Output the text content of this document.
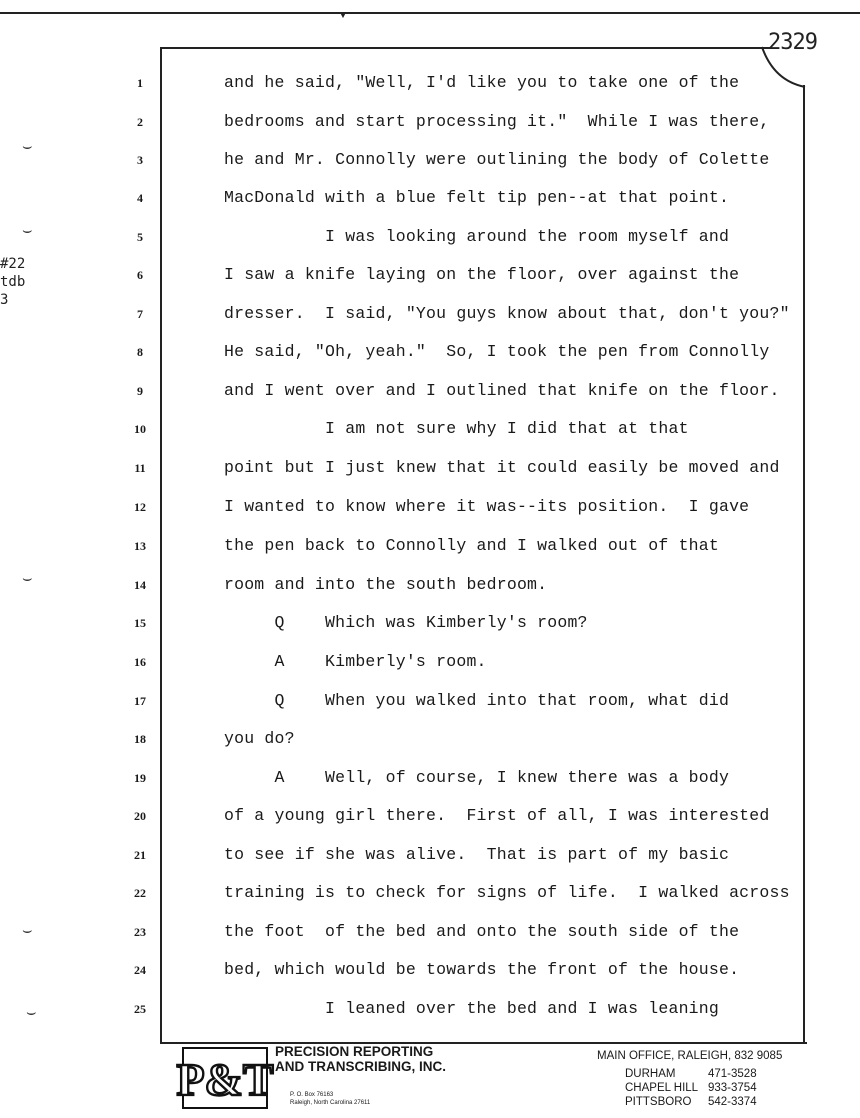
▼
2329
#22
tdb
3
⌣
⌣
⌣
⌣
⌣
1
2
3
4
5
6
7
8
9
10
11
12
13
14
15
16
17
18
19
20
21
22
23
24
25
and he said, "Well, I'd like you to take one of the
bedrooms and start processing it."  While I was there,
he and Mr. Connolly were outlining the body of Colette
MacDonald with a blue felt tip pen--at that point.
I was looking around the room myself and
I saw a knife laying on the floor, over against the
dresser.  I said, "You guys know about that, don't you?"
He said, "Oh, yeah."  So, I took the pen from Connolly
and I went over and I outlined that knife on the floor.
I am not sure why I did that at that
point but I just knew that it could easily be moved and
I wanted to know where it was--its position.  I gave
the pen back to Connolly and I walked out of that
room and into the south bedroom.
Q    Which was Kimberly's room?
A    Kimberly's room.
Q    When you walked into that room, what did
you do?
A    Well, of course, I knew there was a body
of a young girl there.  First of all, I was interested
to see if she was alive.  That is part of my basic
training is to check for signs of life.  I walked across
the foot  of the bed and onto the south side of the
bed, which would be towards the front of the house.
I leaned over the bed and I was leaning
P&T
PRECISION REPORTING
AND TRANSCRIBING, INC.
P. O. Box 76163
Raleigh, North Carolina 27611
MAIN OFFICE, RALEIGH, 832 9085
DURHAM	471-3528
CHAPEL HILL 933-3754
PITTSBORO 542-3374
